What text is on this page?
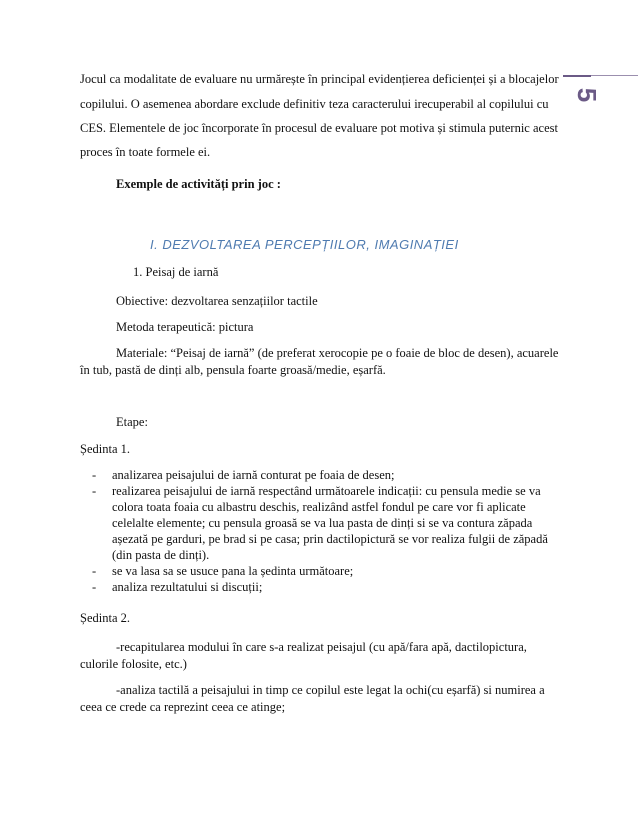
5
Jocul ca modalitate de evaluare nu urmărește în principal evidențierea deficienței și a blocajelor
copilului. O asemenea abordare exclude definitiv teza caracterului irecuperabil al copilului cu
CES. Elementele de joc încorporate în procesul de evaluare pot motiva și stimula puternic acest
proces în toate formele ei.
Exemple de activități prin joc :
I. DEZVOLTAREA PERCEPȚIILOR, IMAGINAȚIEI
1. Peisaj de iarnă
Obiective: dezvoltarea senzațiilor tactile
Metoda terapeutică: pictura
Materiale: “Peisaj de iarnă” (de preferat xerocopie pe o foaie de bloc de desen), acuarele
în tub, pastă de dinți alb, pensula foarte groasă/medie, eșarfă.
Etape:
Ședinta 1.
- analizarea peisajului de iarnă conturat pe foaia de desen;
- realizarea peisajului de iarnă respectând următoarele indicații: cu pensula medie se va
colora toata foaia cu albastru deschis, realizând astfel fondul pe care vor fi aplicate
celelalte elemente; cu pensula groasă se va lua pasta de dinți si se va contura zăpada
așezată pe garduri, pe brad si pe casa; prin dactilopictură se vor realiza fulgii de zăpadă
(din pasta de dinți).
- se va lasa sa se usuce pana la ședinta următoare;
- analiza rezultatului si discuții;
Ședinta 2.
-recapitularea modului în care s-a realizat peisajul (cu apă/fara apă, dactilopictura,
culorile folosite, etc.)
-analiza tactilă a peisajului in timp ce copilul este legat la ochi(cu eșarfă) si numirea a
ceea ce crede ca reprezint ceea ce atinge;
